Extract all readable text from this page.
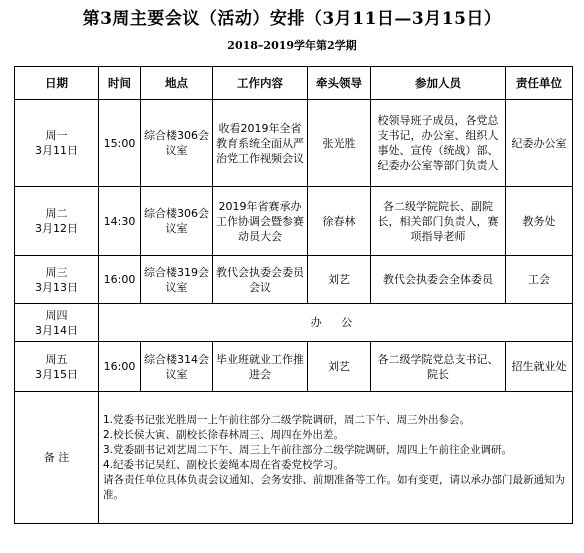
第3周主要会议（活动）安排（3月11日—3月15日）
2018–2019学年第2学期
日期	时间	地点	工作内容	牵头领导	参加人员	责任单位

周一
3月11日	15:00	综合楼306会议室	收看2019年全省教育系统全面从严治党工作视频会议	张光胜	校领导班子成员，各党总支书记，办公室、组织人事处、宣传（统战）部、纪委办公室等部门负责人	纪委办公室

周二
3月12日	14:30	综合楼306会议室	2019年省赛承办工作协调会暨参赛动员大会	徐春林	各二级学院院长、副院长，相关部门负责人，赛项指导老师	教务处

周三
3月13日	16:00	综合楼319会议室	教代会执委会委员会议	刘艺	教代会执委会全体委员	工会

周四
3月14日	办 公					

周五
3月15日	16:00	综合楼314会议室	毕业班就业工作推进会	刘艺	各二级学院党总支书记、院长	招生就业处
备 注	1.党委书记张光胜周一上午前往部分二级学院调研，周二下午、周三外出参会。
2.校长侯大寅、副校长徐春林周三、周四在外出差。
3.党委副书记刘艺周二下午、周三上午前往部分二级学院调研，周四上午前往企业调研。
4.纪委书记吴红、副校长姜绳本周在省委党校学习。
请各责任单位具体负责会议通知、会务安排、前期准备等工作。如有变更，请以承办部门最新通知为准。					
